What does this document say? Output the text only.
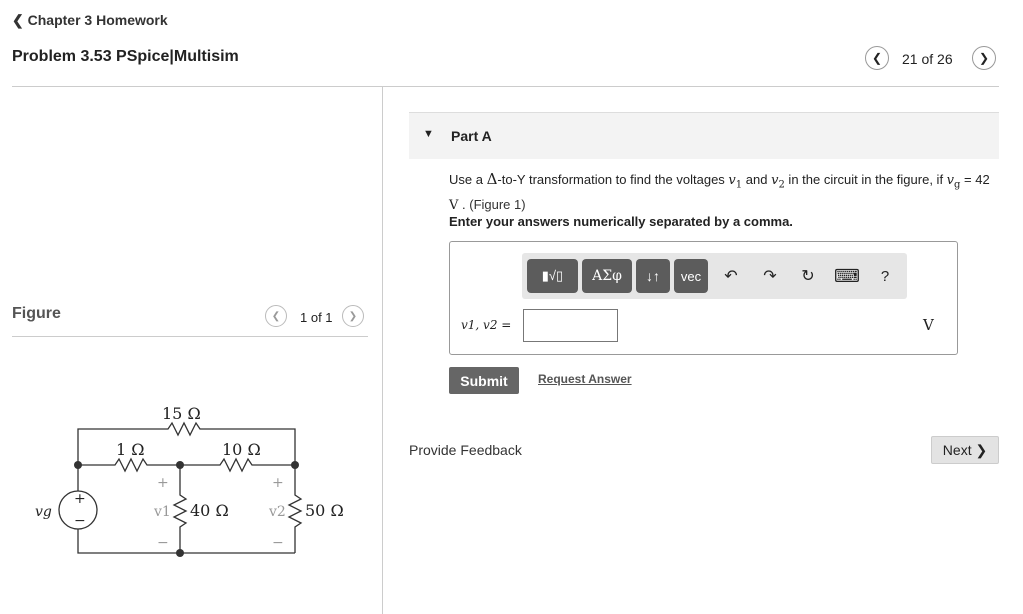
❮ Chapter 3 Homework
Problem 3.53 PSpice|Multisim	❮ 21 of 26 ❯
Figure	❮ 1 of 1 ❯
15 Ω
1 Ω	10 Ω
40 Ω	50 Ω
+
−
vg
+
v1
−
+
v2
−
▼ Part A
Use a Δ-to-Y transformation to find the voltages $v_1$ and $v_2$ in the circuit in the figure, if $v_g = 42$
V . (Figure 1)
Enter your answers numerically separated by a comma.
▮√▯ ΑΣφ ↓↑ vec ↶ ↷ ↻ ⌨ ?
v1, v2 =	V
Submit	Request Answer
Provide Feedback	Next ❯
